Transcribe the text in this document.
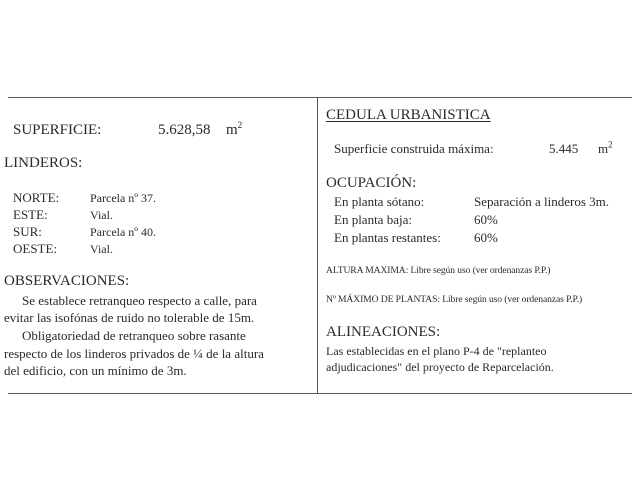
SUPERFICIE:	5.628,58 $m^2$
LINDEROS:
NORTE:	Parcela nº 37.
ESTE:	Vial.
SUR:	Parcela nº 40.
OESTE:	Vial.
OBSERVACIONES:
Se establece retranqueo respecto a calle, para
evitar las isofónas de ruido no tolerable de 15m.
Obligatoriedad de retranqueo sobre rasante
respecto de los linderos privados de ¼ de la altura
del edificio, con un mínimo de 3m.
CEDULA URBANISTICA
Superficie construida máxima:	5.445 $m^2$
OCUPACIÓN:
En planta sótano:	Separación a linderos 3m.
En planta baja:	60%
En plantas restantes:	60%
ALTURA MAXIMA: Libre según uso (ver ordenanzas P.P.)
Nº MÁXIMO DE PLANTAS: Libre según uso (ver ordenanzas P.P.)
ALINEACIONES:
Las establecidas en el plano P-4 de "replanteo
adjudicaciones" del proyecto de Reparcelación.
